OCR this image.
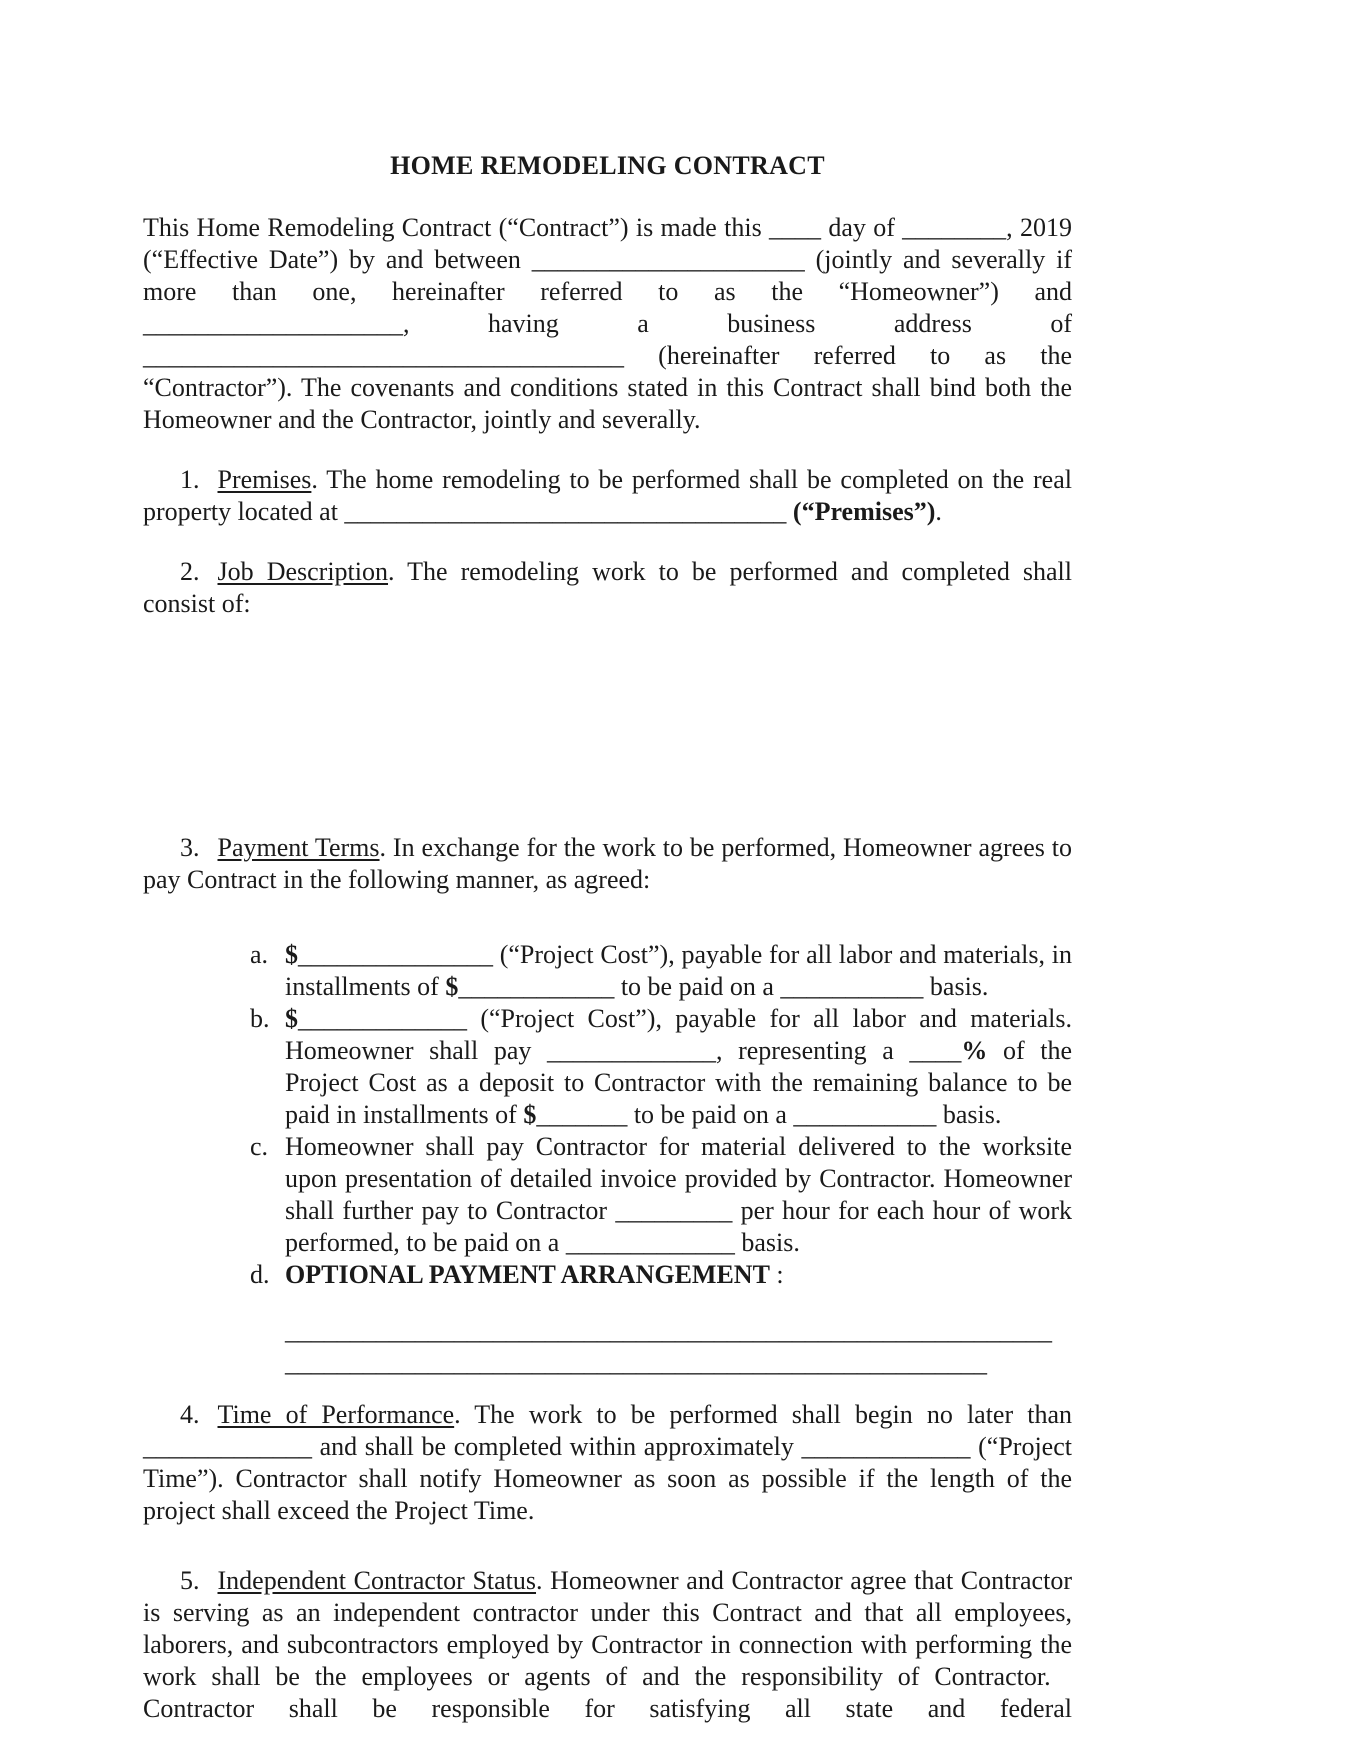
HOME REMODELING CONTRACT

This Home Remodeling Contract (“Contract”) is made this ____ day of ________, 2019 (“Effective Date”) by and between _____________________ (jointly and severally if more than one, hereinafter referred to as the “Homeowner”) and ____________________, having a business address of _____________________________________ (hereinafter referred to as the “Contractor”). The covenants and conditions stated in this Contract shall bind both the Homeowner and the Contractor, jointly and severally.

1. Premises. The home remodeling to be performed shall be completed on the real property located at __________________________________ (“Premises”).

2. Job Description. The remodeling work to be performed and completed shall consist of:

3. Payment Terms. In exchange for the work to be performed, Homeowner agrees to pay Contract in the following manner, as agreed:

a. $_______________ (“Project Cost”), payable for all labor and materials, in installments of $____________ to be paid on a ___________ basis.

b. $_____________ (“Project Cost”), payable for all labor and materials. Homeowner shall pay _____________, representing a ____% of the Project Cost as a deposit to Contractor with the remaining balance to be paid in installments of $_______ to be paid on a ___________ basis.

c. Homeowner shall pay Contractor for material delivered to the worksite upon presentation of detailed invoice provided by Contractor. Homeowner shall further pay to Contractor _________ per hour for each hour of work performed, to be paid on a _____________ basis.

d. OPTIONAL PAYMENT ARRANGEMENT :

___________________________________________________________

______________________________________________________

4. Time of Performance. The work to be performed shall begin no later than _____________ and shall be completed within approximately _____________ (“Project Time”). Contractor shall notify Homeowner as soon as possible if the length of the project shall exceed the Project Time.

5. Independent Contractor Status. Homeowner and Contractor agree that Contractor is serving as an independent contractor under this Contract and that all employees, laborers, and subcontractors employed by Contractor in connection with performing the work shall be the employees or agents of and the responsibility of Contractor.   Contractor shall be responsible for satisfying all state and federal
